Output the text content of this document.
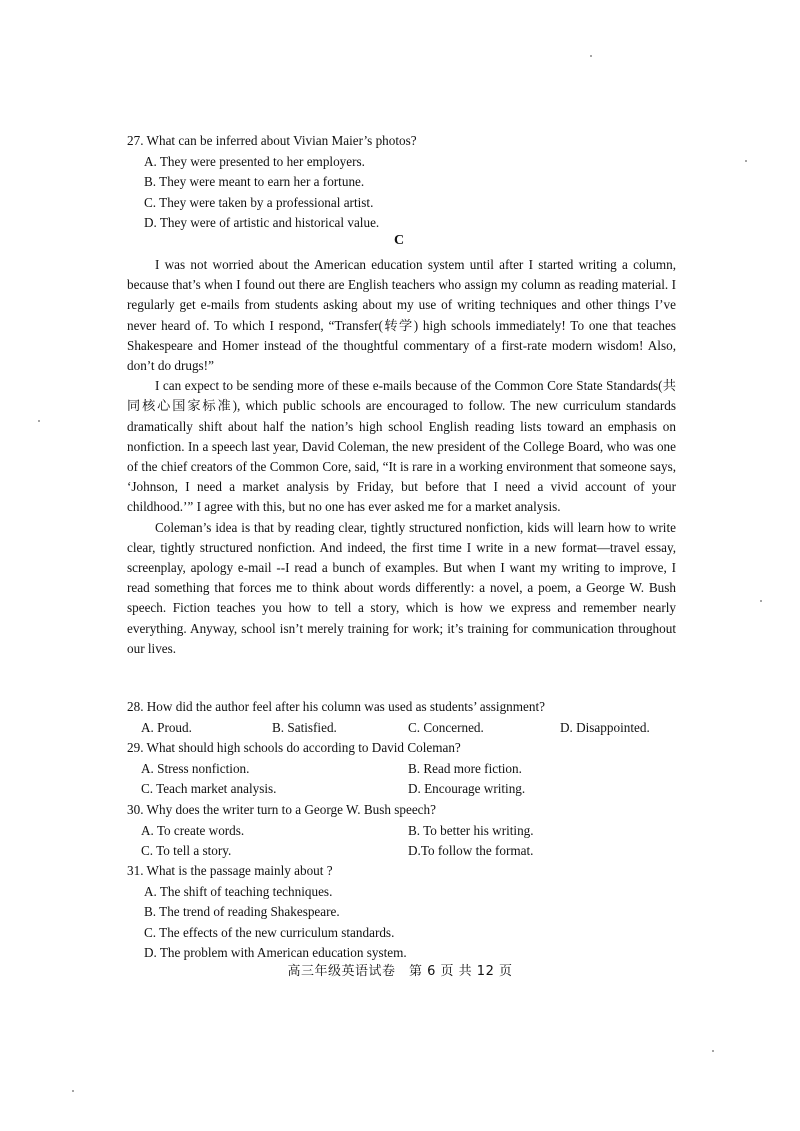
27. What can be inferred about Vivian Maier’s photos?
A. They were presented to her employers.
B. They were meant to earn her a fortune.
C. They were taken by a professional artist.
D. They were of artistic and historical value.
C

I was not worried about the American education system until after I started writing a column, because that’s when I found out there are English teachers who assign my column as reading material. I regularly get e-mails from students asking about my use of writing techniques and other things I’ve never heard of. To which I respond, “Transfer(转学) high schools immediately! To one that teaches Shakespeare and Homer instead of the thoughtful commentary of a first-rate modern wisdom! Also, don’t do drugs!”

I can expect to be sending more of these e-mails because of the Common Core State Standards(共同核心国家标准), which public schools are encouraged to follow. The new curriculum standards dramatically shift about half the nation’s high school English reading lists toward an emphasis on nonfiction. In a speech last year, David Coleman, the new president of the College Board, who was one of the chief creators of the Common Core, said, “It is rare in a working environment that someone says, ‘Johnson, I need a market analysis by Friday, but before that I need a vivid account of your childhood.’” I agree with this, but no one has ever asked me for a market analysis.

Coleman’s idea is that by reading clear, tightly structured nonfiction, kids will learn how to write clear, tightly structured nonfiction. And indeed, the first time I write in a new format—travel essay, screenplay, apology e-mail --I read a bunch of examples. But when I want my writing to improve, I read something that forces me to think about words differently: a novel, a poem, a George W. Bush speech. Fiction teaches you how to tell a story, which is how we express and remember nearly everything. Anyway, school isn’t merely training for work; it’s training for communication throughout our lives.

28. How did the author feel after his column was used as students’ assignment?
A. Proud.	B. Satisfied.	C. Concerned.	D. Disappointed.
29. What should high schools do according to David Coleman?
A. Stress nonfiction.	B. Read more fiction.
C. Teach market analysis.	D. Encourage writing.
30. Why does the writer turn to a George W. Bush speech?
A. To create words.	B. To better his writing.
C. To tell a story.	D.To follow the format.
31. What is the passage mainly about ?
A. The shift of teaching techniques.
B. The trend of reading Shakespeare.
C. The effects of the new curriculum standards.
D. The problem with American education system.
高三年级英语试卷　第 6 页 共 12 页
